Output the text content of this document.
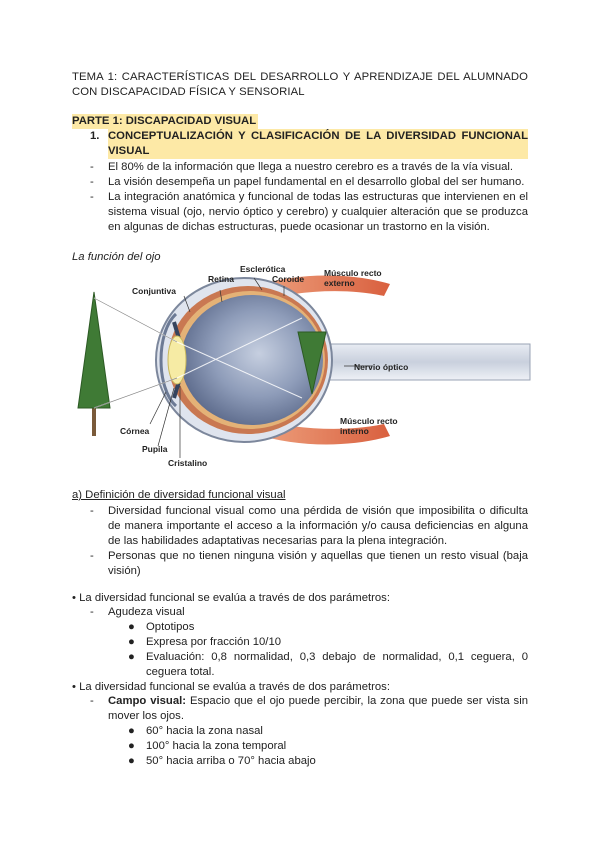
TEMA 1: CARACTERÍSTICAS DEL DESARROLLO Y APRENDIZAJE DEL ALUMNADO CON DISCAPACIDAD FÍSICA Y SENSORIAL
PARTE 1: DISCAPACIDAD VISUAL
1. CONCEPTUALIZACIÓN Y CLASIFICACIÓN DE LA DIVERSIDAD FUNCIONAL VISUAL
- El 80% de la información que llega a nuestro cerebro es a través de la vía visual.
- La visión desempeña un papel fundamental en el desarrollo global del ser humano.
- La integración anatómica y funcional de todas las estructuras que intervienen en el sistema visual (ojo, nervio óptico y cerebro) y cualquier alteración que se produzca en algunas de dichas estructuras, puede ocasionar un trastorno en la visión.
La función del ojo
Retina
Esclerótica
Coroide
Conjuntiva
Músculo recto
externo
Nervio óptico
Músculo recto
interno
Córnea
Pupila
Cristalino
a) Definición de diversidad funcional visual
- Diversidad funcional visual como una pérdida de visión que imposibilita o dificulta de manera importante el acceso a la información y/o causa deficiencias en alguna de las habilidades adaptativas necesarias para la plena integración.
- Personas que no tienen ninguna visión y aquellas que tienen un resto visual (baja visión)
• La diversidad funcional se evalúa a través de dos parámetros:
- Agudeza visual
● Optotipos
● Expresa por fracción 10/10
● Evaluación: 0,8 normalidad, 0,3 debajo de normalidad, 0,1 ceguera, 0 ceguera total.
• La diversidad funcional se evalúa a través de dos parámetros:
- Campo visual: Espacio que el ojo puede percibir, la zona que puede ser vista sin mover los ojos.
● 60° hacia la zona nasal
● 100° hacia la zona temporal
● 50° hacia arriba o 70° hacia abajo
